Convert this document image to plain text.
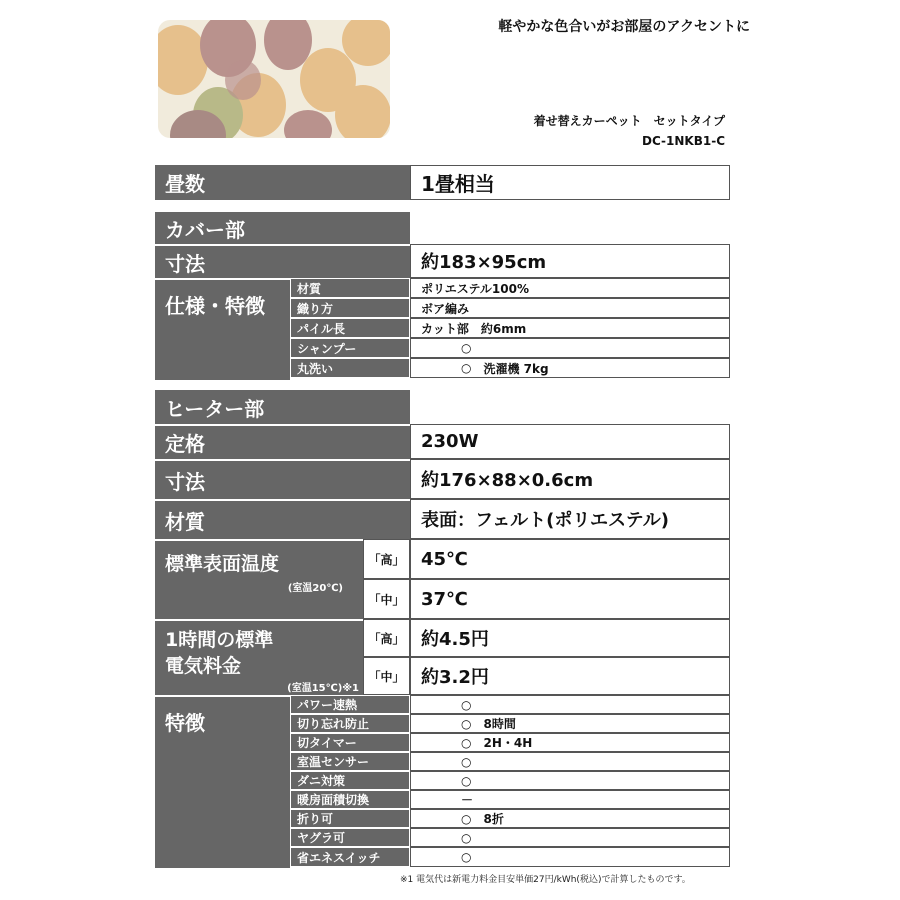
軽やかな色合いがお部屋のアクセントに
着せ替えカーペット　セットタイプ
DC-1NKB1-C
畳数	1畳相当
カバー部
寸法	約183×95cm
仕様・特徴
材質	ポリエステル100%
織り方	ボア編み
パイル長	カット部　約6mm
シャンプー	○
丸洗い	○ 洗濯機 7kg
ヒーター部
定格	230W
寸法	約176×88×0.6cm
材質	表面：フェルト(ポリエステル)
標準表面温度
(室温20℃)
「高」 45℃
「中」 37℃
1時間の標準
電気料金
(室温15℃)※1
「高」 約4.5円
「中」 約3.2円
特徴
パワー速熱	○
切り忘れ防止	○ 8時間
切タイマー	○ 2H・4H
室温センサー	○
ダニ対策	○
暖房面積切換	－
折り可	○ 8折
ヤグラ可	○
省エネスイッチ	○
※1 電気代は新電力料金目安単価27円/kWh(税込)で計算したものです。
